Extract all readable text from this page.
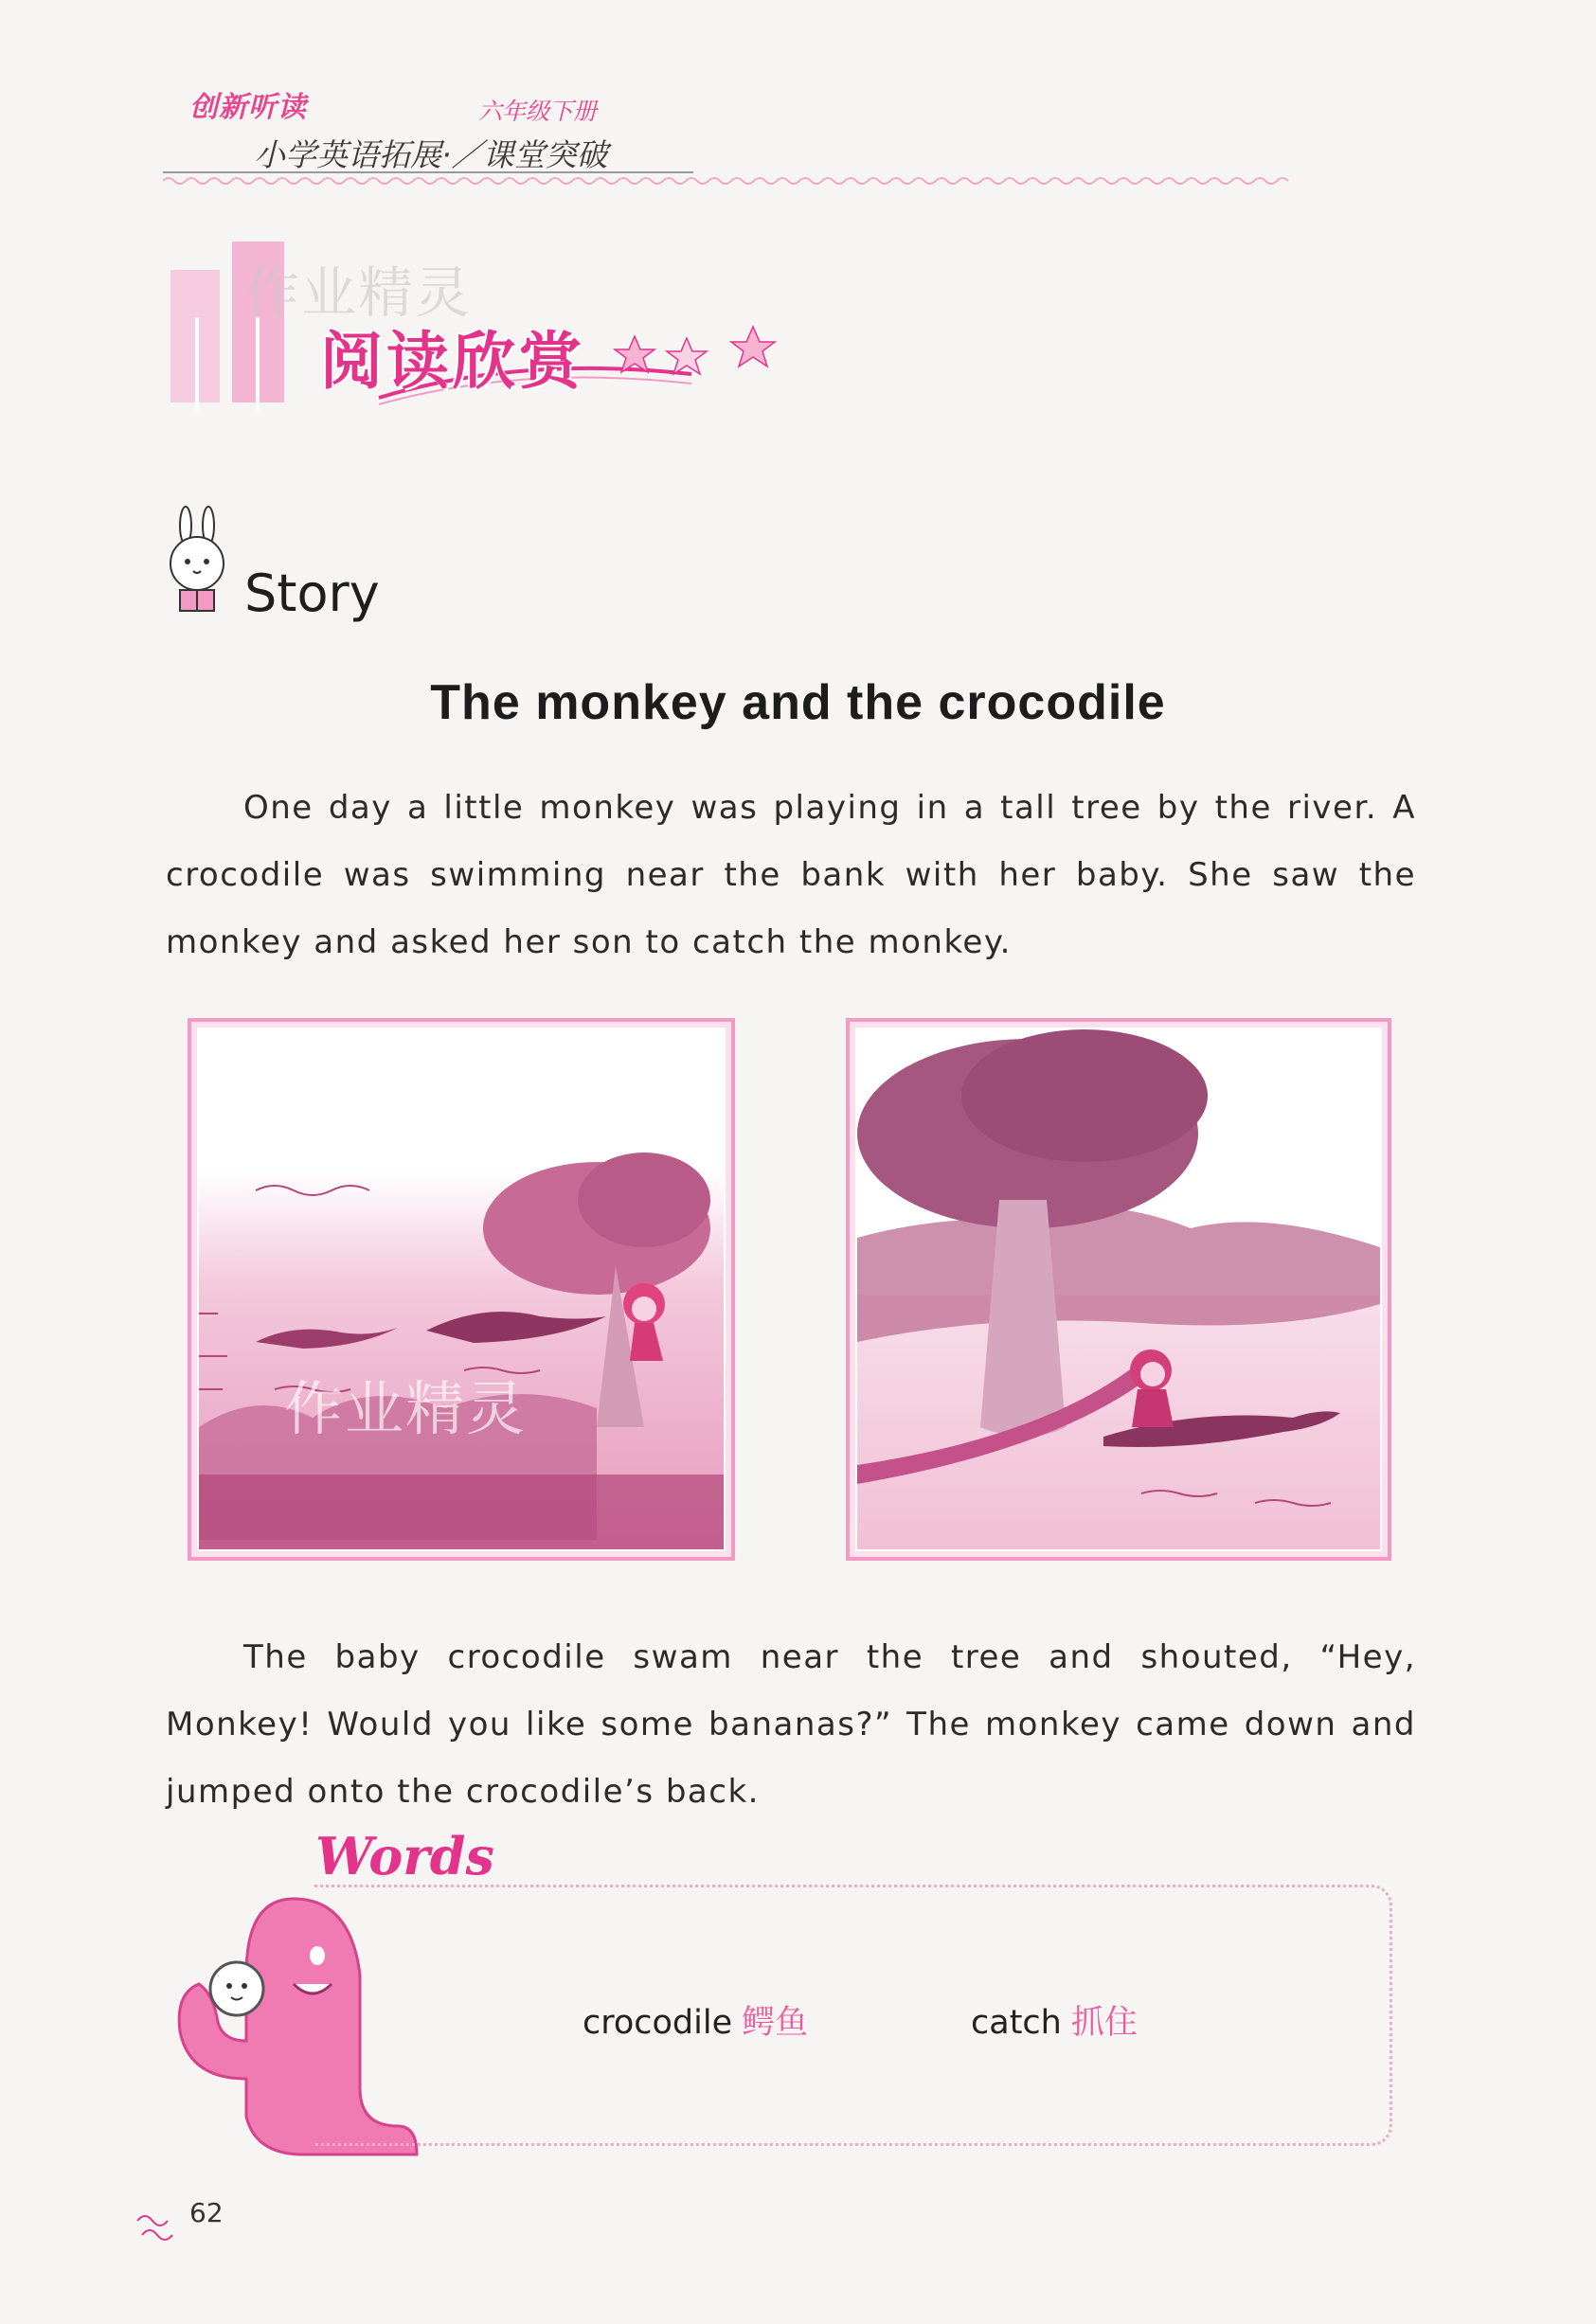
创新听读	六年级下册
小学英语拓展·／课堂突破
作业精灵
阅读欣赏
Story
The monkey and the crocodile
One day a little monkey was playing in a tall tree by the river. A crocodile was swimming near the bank with her baby. She saw the monkey and asked her son to catch the monkey.
作业精灵
The baby crocodile swam near the tree and shouted, “Hey, Monkey! Would you like some bananas?” The monkey came down and jumped onto the crocodile’s back.
Words
crocodile 鳄鱼	catch 抓住
62
